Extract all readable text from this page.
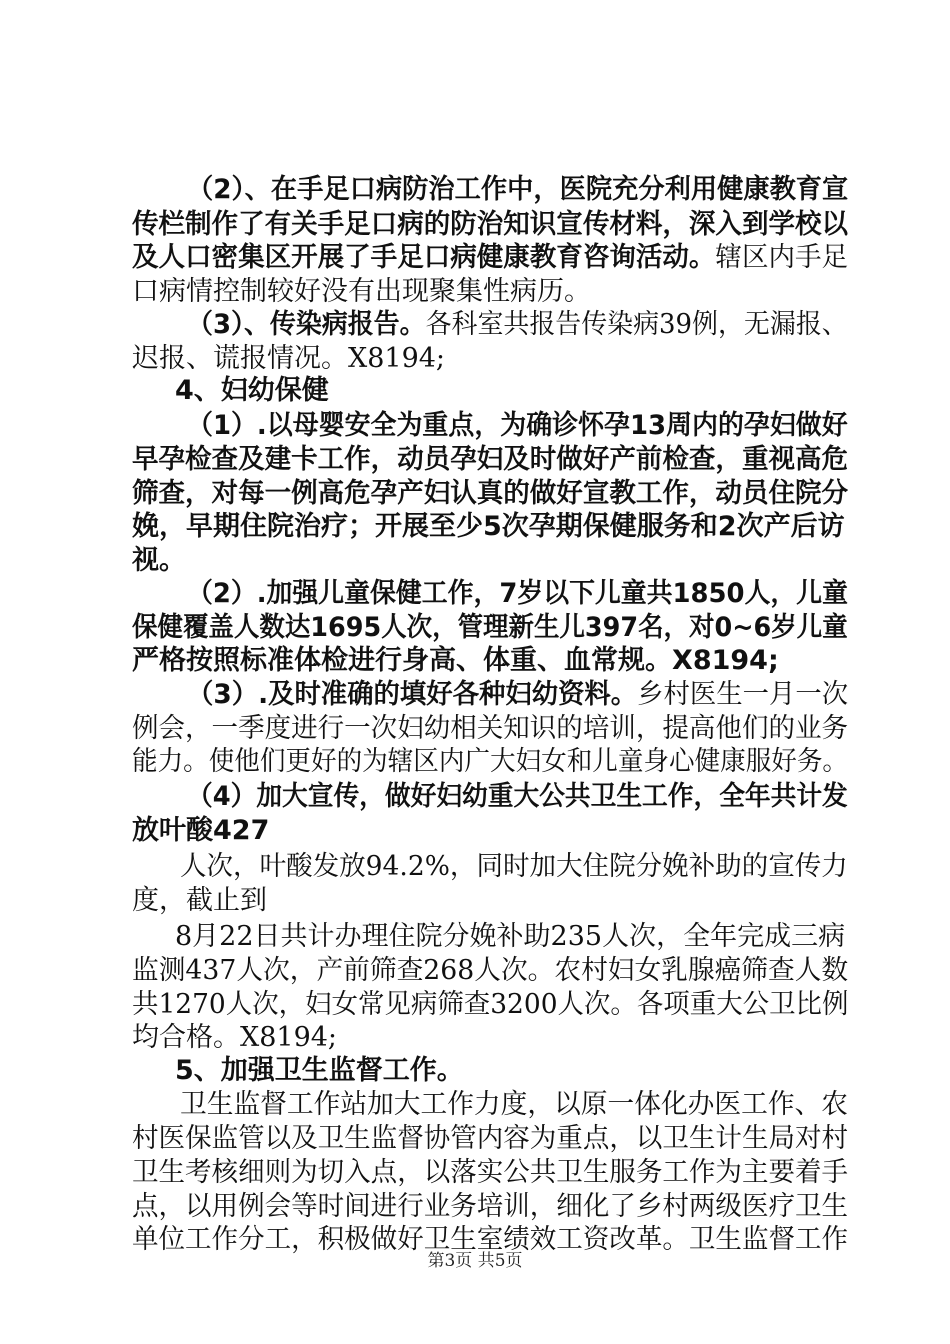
（2）、在手足口病防治工作中，医院充分利用健康教育宣
传栏制作了有关手足口病的防治知识宣传材料，深入到学校以
及人口密集区开展了手足口病健康教育咨询活动。辖区内手足
口病情控制较好没有出现聚集性病历。
（3）、传染病报告。各科室共报告传染病39例，无漏报、
迟报、谎报情况。X8194;
4、妇幼保健
（1）.以母婴安全为重点，为确诊怀孕13周内的孕妇做好
早孕检查及建卡工作，动员孕妇及时做好产前检查，重视高危
筛查，对每一例高危孕产妇认真的做好宣教工作，动员住院分
娩，早期住院治疗；开展至少5次孕期保健服务和2次产后访
视。
（2）.加强儿童保健工作，7岁以下儿童共1850人，儿童
保健覆盖人数达1695人次，管理新生儿397名，对0~6岁儿童
严格按照标准体检进行身高、体重、血常规。X8194;
（3）.及时准确的填好各种妇幼资料。乡村医生一月一次
例会，一季度进行一次妇幼相关知识的培训，提高他们的业务
能力。使他们更好的为辖区内广大妇女和儿童身心健康服好务。
（4）加大宣传，做好妇幼重大公共卫生工作，全年共计发
放叶酸427
人次，叶酸发放94.2%，同时加大住院分娩补助的宣传力
度，截止到
8月22日共计办理住院分娩补助235人次，全年完成三病
监测437人次，产前筛查268人次。农村妇女乳腺癌筛查人数
共1270人次，妇女常见病筛查3200人次。各项重大公卫比例
均合格。X8194;
5、加强卫生监督工作。
卫生监督工作站加大工作力度，以原一体化办医工作、农
村医保监管以及卫生监督协管内容为重点，以卫生计生局对村
卫生考核细则为切入点，以落实公共卫生服务工作为主要着手
点，以用例会等时间进行业务培训，细化了乡村两级医疗卫生
单位工作分工，积极做好卫生室绩效工资改革。卫生监督工作
第3页 共5页
